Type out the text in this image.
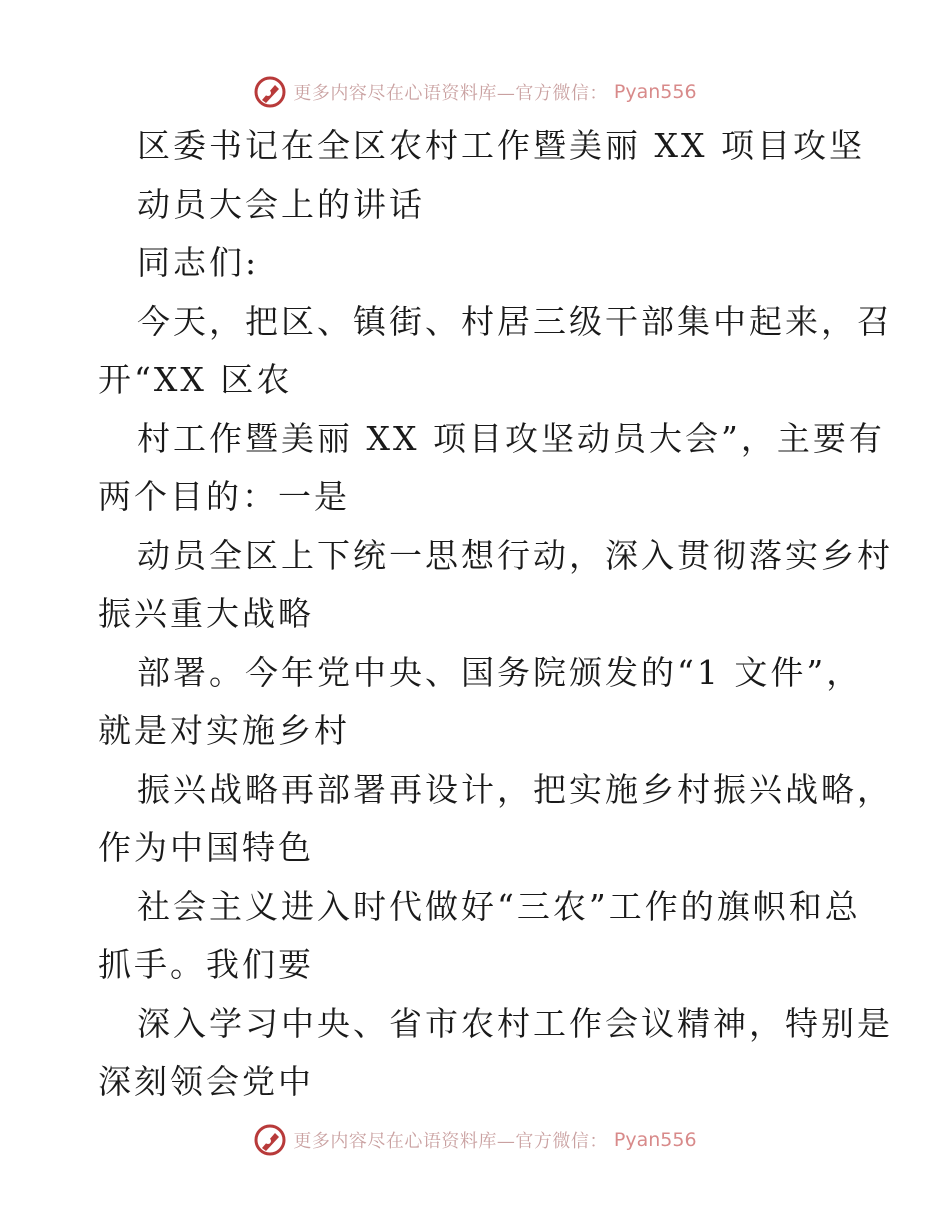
更多内容尽在心语资料库—官方微信： Pyan556
区委书记在全区农村工作暨美丽 XX 项目攻坚
动员大会上的讲话
同志们:
今天，把区、镇街、村居三级干部集中起来，召
开“XX 区农
村工作暨美丽 XX 项目攻坚动员大会”，主要有
两个目的：一是
动员全区上下统一思想行动，深入贯彻落实乡村
振兴重大战略
部署。今年党中央、国务院颁发的“1 文件”，
就是对实施乡村
振兴战略再部署再设计，把实施乡村振兴战略，
作为中国特色
社会主义进入时代做好“三农”工作的旗帜和总
抓手。我们要
深入学习中央、省市农村工作会议精神，特别是
深刻领会党中
更多内容尽在心语资料库—官方微信： Pyan556
